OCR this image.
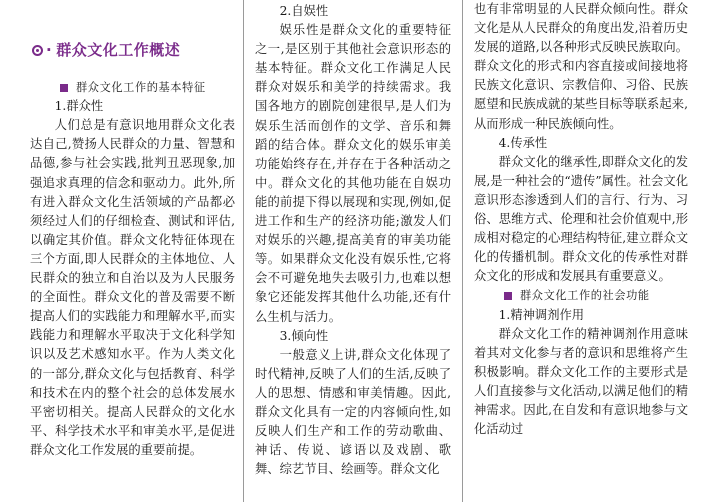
· 群众文化工作概述
群众文化工作的基本特征

1.群众性

人们总是有意识地用群众文化表达自己,赞扬人民群众的力量、智慧和品德,参与社会实践,批判丑恶现象,加强追求真理的信念和驱动力。此外,所有进入群众文化生活领域的产品都必须经过人们的仔细检查、测试和评估,以确定其价值。群众文化特征体现在三个方面,即人民群众的主体地位、人民群众的独立和自治以及为人民服务的全面性。群众文化的普及需要不断提高人们的实践能力和理解水平,而实践能力和理解水平取决于文化科学知识以及艺术感知水平。作为人类文化的一部分,群众文化与包括教育、科学和技术在内的整个社会的总体发展水平密切相关。提高人民群众的文化水平、科学技术水平和审美水平,是促进群众文化工作发展的重要前提。

2.自娱性

娱乐性是群众文化的重要特征之一,是区别于其他社会意识形态的基本特征。群众文化工作满足人民群众对娱乐和美学的持续需求。我国各地方的剧院创建很早,是人们为娱乐生活而创作的文学、音乐和舞蹈的结合体。群众文化的娱乐审美功能始终存在,并存在于各种活动之中。群众文化的其他功能在自娱功能的前提下得以展现和实现,例如,促进工作和生产的经济功能;激发人们对娱乐的兴趣,提高美育的审美功能等。如果群众文化没有娱乐性,它将会不可避免地失去吸引力,也难以想象它还能发挥其他什么功能,还有什么生机与活力。

3.倾向性

一般意义上讲,群众文化体现了时代精神,反映了人们的生活,反映了人的思想、情感和审美情趣。因此,群众文化具有一定的内容倾向性,如反映人们生产和工作的劳动歌曲、神话、传说、谚语以及戏剧、歌舞、综艺节目、绘画等。群众文化

也有非常明显的人民群众倾向性。群众文化是从人民群众的角度出发,沿着历史发展的道路,以各种形式反映民族取向。群众文化的形式和内容直接或间接地将民族文化意识、宗教信仰、习俗、民族愿望和民族成就的某些目标等联系起来,从而形成一种民族倾向性。

4.传承性

群众文化的继承性,即群众文化的发展,是一种社会的“遗传”属性。社会文化意识形态渗透到人们的言行、行为、习俗、思维方式、伦理和社会价值观中,形成相对稳定的心理结构特征,建立群众文化的传播机制。群众文化的传承性对群众文化的形成和发展具有重要意义。

群众文化工作的社会功能

1.精神调剂作用

群众文化工作的精神调剂作用意味着其对文化参与者的意识和思维将产生积极影响。群众文化工作的主要形式是人们直接参与文化活动,以满足他们的精神需求。因此,在自发和有意识地参与文化活动过
